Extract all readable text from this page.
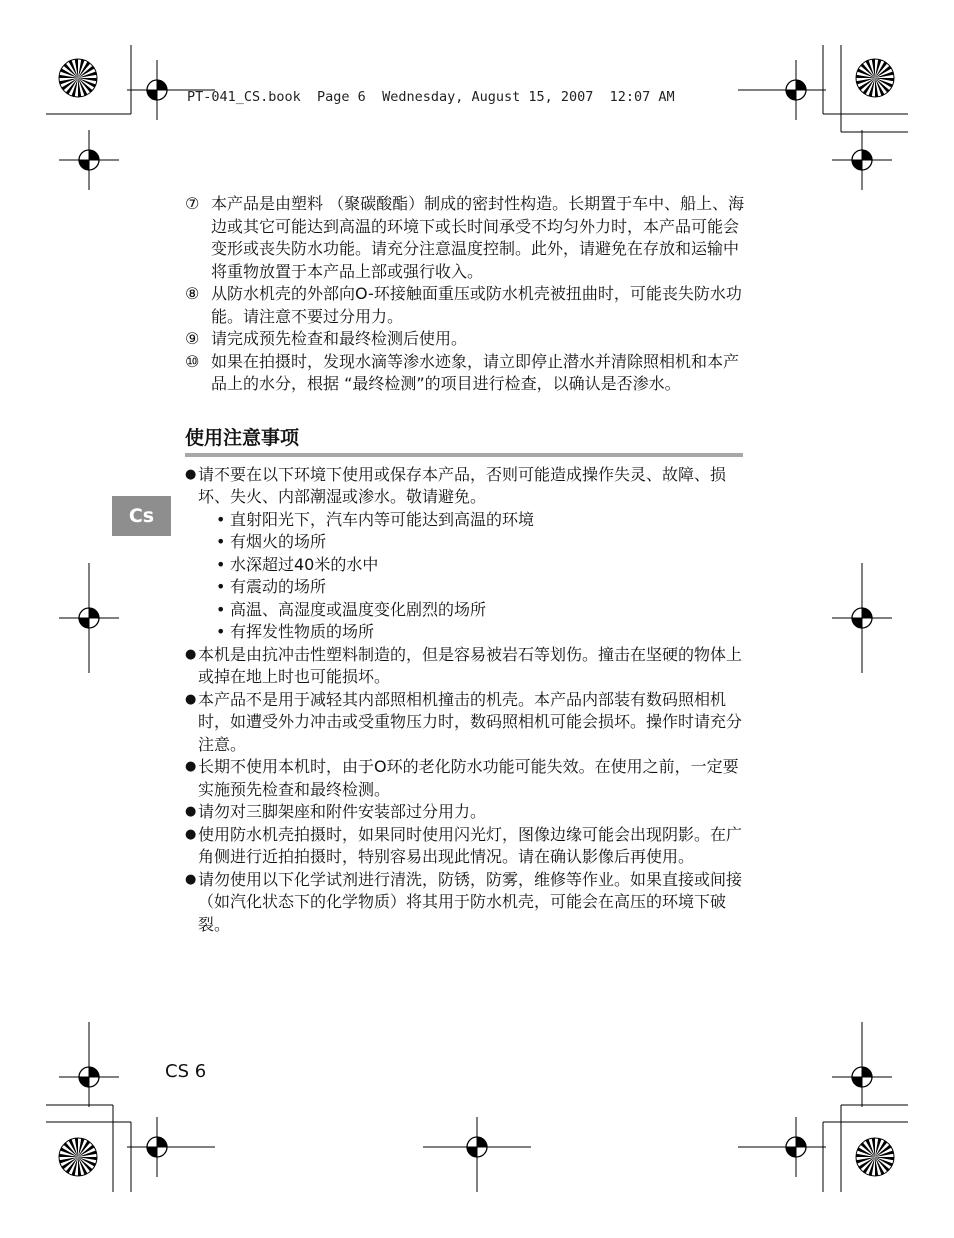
PT-041_CS.book  Page 6  Wednesday, August 15, 2007  12:07 AM
Cs
⑦ 本产品是由塑料 （聚碳酸酯）制成的密封性构造。长期置于车中、船上、海边或其它可能达到高温的环境下或长时间承受不均匀外力时，本产品可能会变形或丧失防水功能。请充分注意温度控制。此外，请避免在存放和运输中将重物放置于本产品上部或强行收入。
⑧ 从防水机壳的外部向O-环接触面重压或防水机壳被扭曲时，可能丧失防水功能。请注意不要过分用力。
⑨ 请完成预先检查和最终检测后使用。
⑩ 如果在拍摄时，发现水滴等渗水迹象，请立即停止潜水并清除照相机和本产品上的水分，根据 “最终检测”的项目进行检查，以确认是否渗水。
使用注意事项
● 请不要在以下环境下使用或保存本产品，否则可能造成操作失灵、故障、损坏、失火、内部潮湿或渗水。敬请避免。
• 直射阳光下，汽车内等可能达到高温的环境
• 有烟火的场所
• 水深超过40米的水中
• 有震动的场所
• 高温、高湿度或温度变化剧烈的场所
• 有挥发性物质的场所
● 本机是由抗冲击性塑料制造的，但是容易被岩石等划伤。撞击在坚硬的物体上或掉在地上时也可能损坏。
● 本产品不是用于减轻其内部照相机撞击的机壳。本产品内部装有数码照相机时，如遭受外力冲击或受重物压力时，数码照相机可能会损坏。操作时请充分注意。
● 长期不使用本机时，由于O环的老化防水功能可能失效。在使用之前，一定要实施预先检查和最终检测。
● 请勿对三脚架座和附件安装部过分用力。
● 使用防水机壳拍摄时，如果同时使用闪光灯，图像边缘可能会出现阴影。在广角侧进行近拍拍摄时，特别容易出现此情况。请在确认影像后再使用。
● 请勿使用以下化学试剂进行清洗，防锈，防雾，维修等作业。如果直接或间接 （如汽化状态下的化学物质）将其用于防水机壳，可能会在高压的环境下破裂。
CS 6
